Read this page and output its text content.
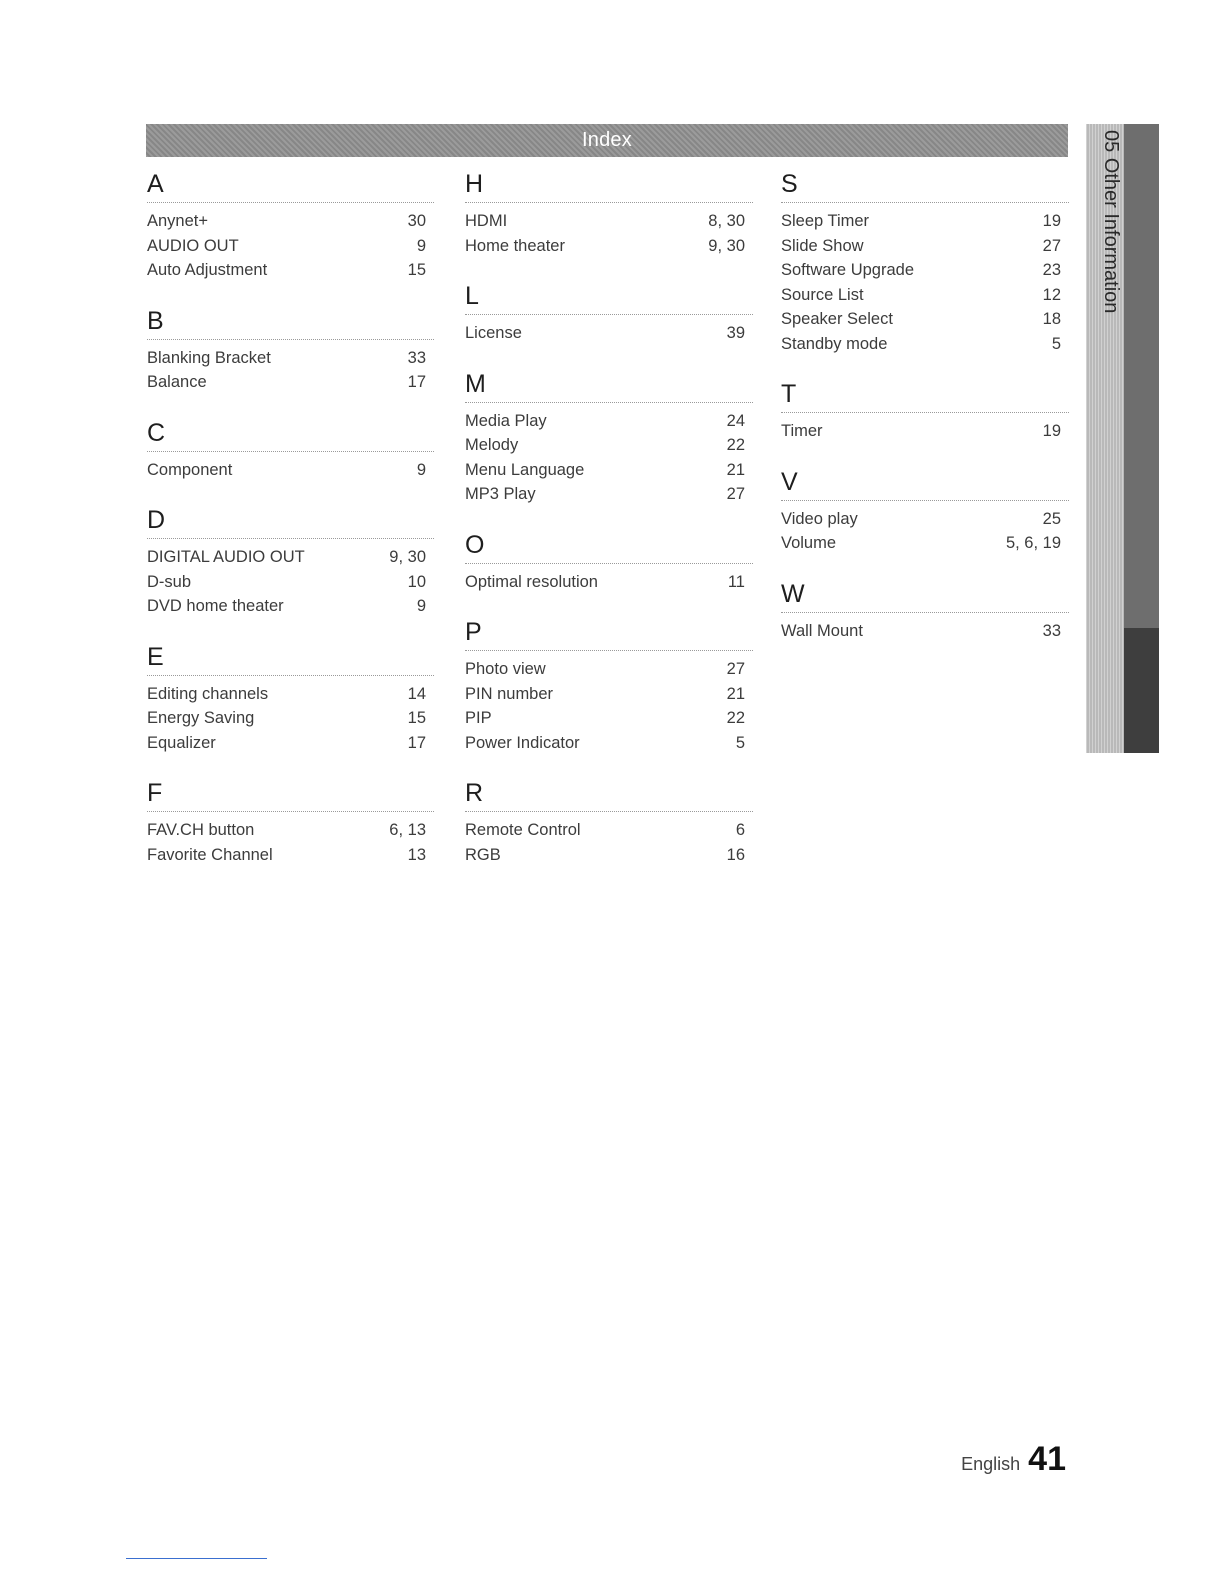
Index	05 Other Information
A
Anynet+	30
AUDIO OUT	9
Auto Adjustment	15
B
Blanking Bracket	33
Balance	17
C
Component	9
D
DIGITAL AUDIO OUT	9, 30
D-sub	10
DVD home theater	9
E
Editing channels	14
Energy Saving	15
Equalizer	17
F
FAV.CH button	6, 13
Favorite Channel	13
H
HDMI	8, 30
Home theater	9, 30
L
License	39
M
Media Play	24
Melody	22
Menu Language	21
MP3 Play	27
O
Optimal resolution	11
P
Photo view	27
PIN number	21
PIP	22
Power Indicator	5
R
Remote Control	6
RGB	16
S
Sleep Timer	19
Slide Show	27
Software Upgrade	23
Source List	12
Speaker Select	18
Standby mode	5
T
Timer	19
V
Video play	25
Volume	5, 6, 19
W
Wall Mount	33
English 41
